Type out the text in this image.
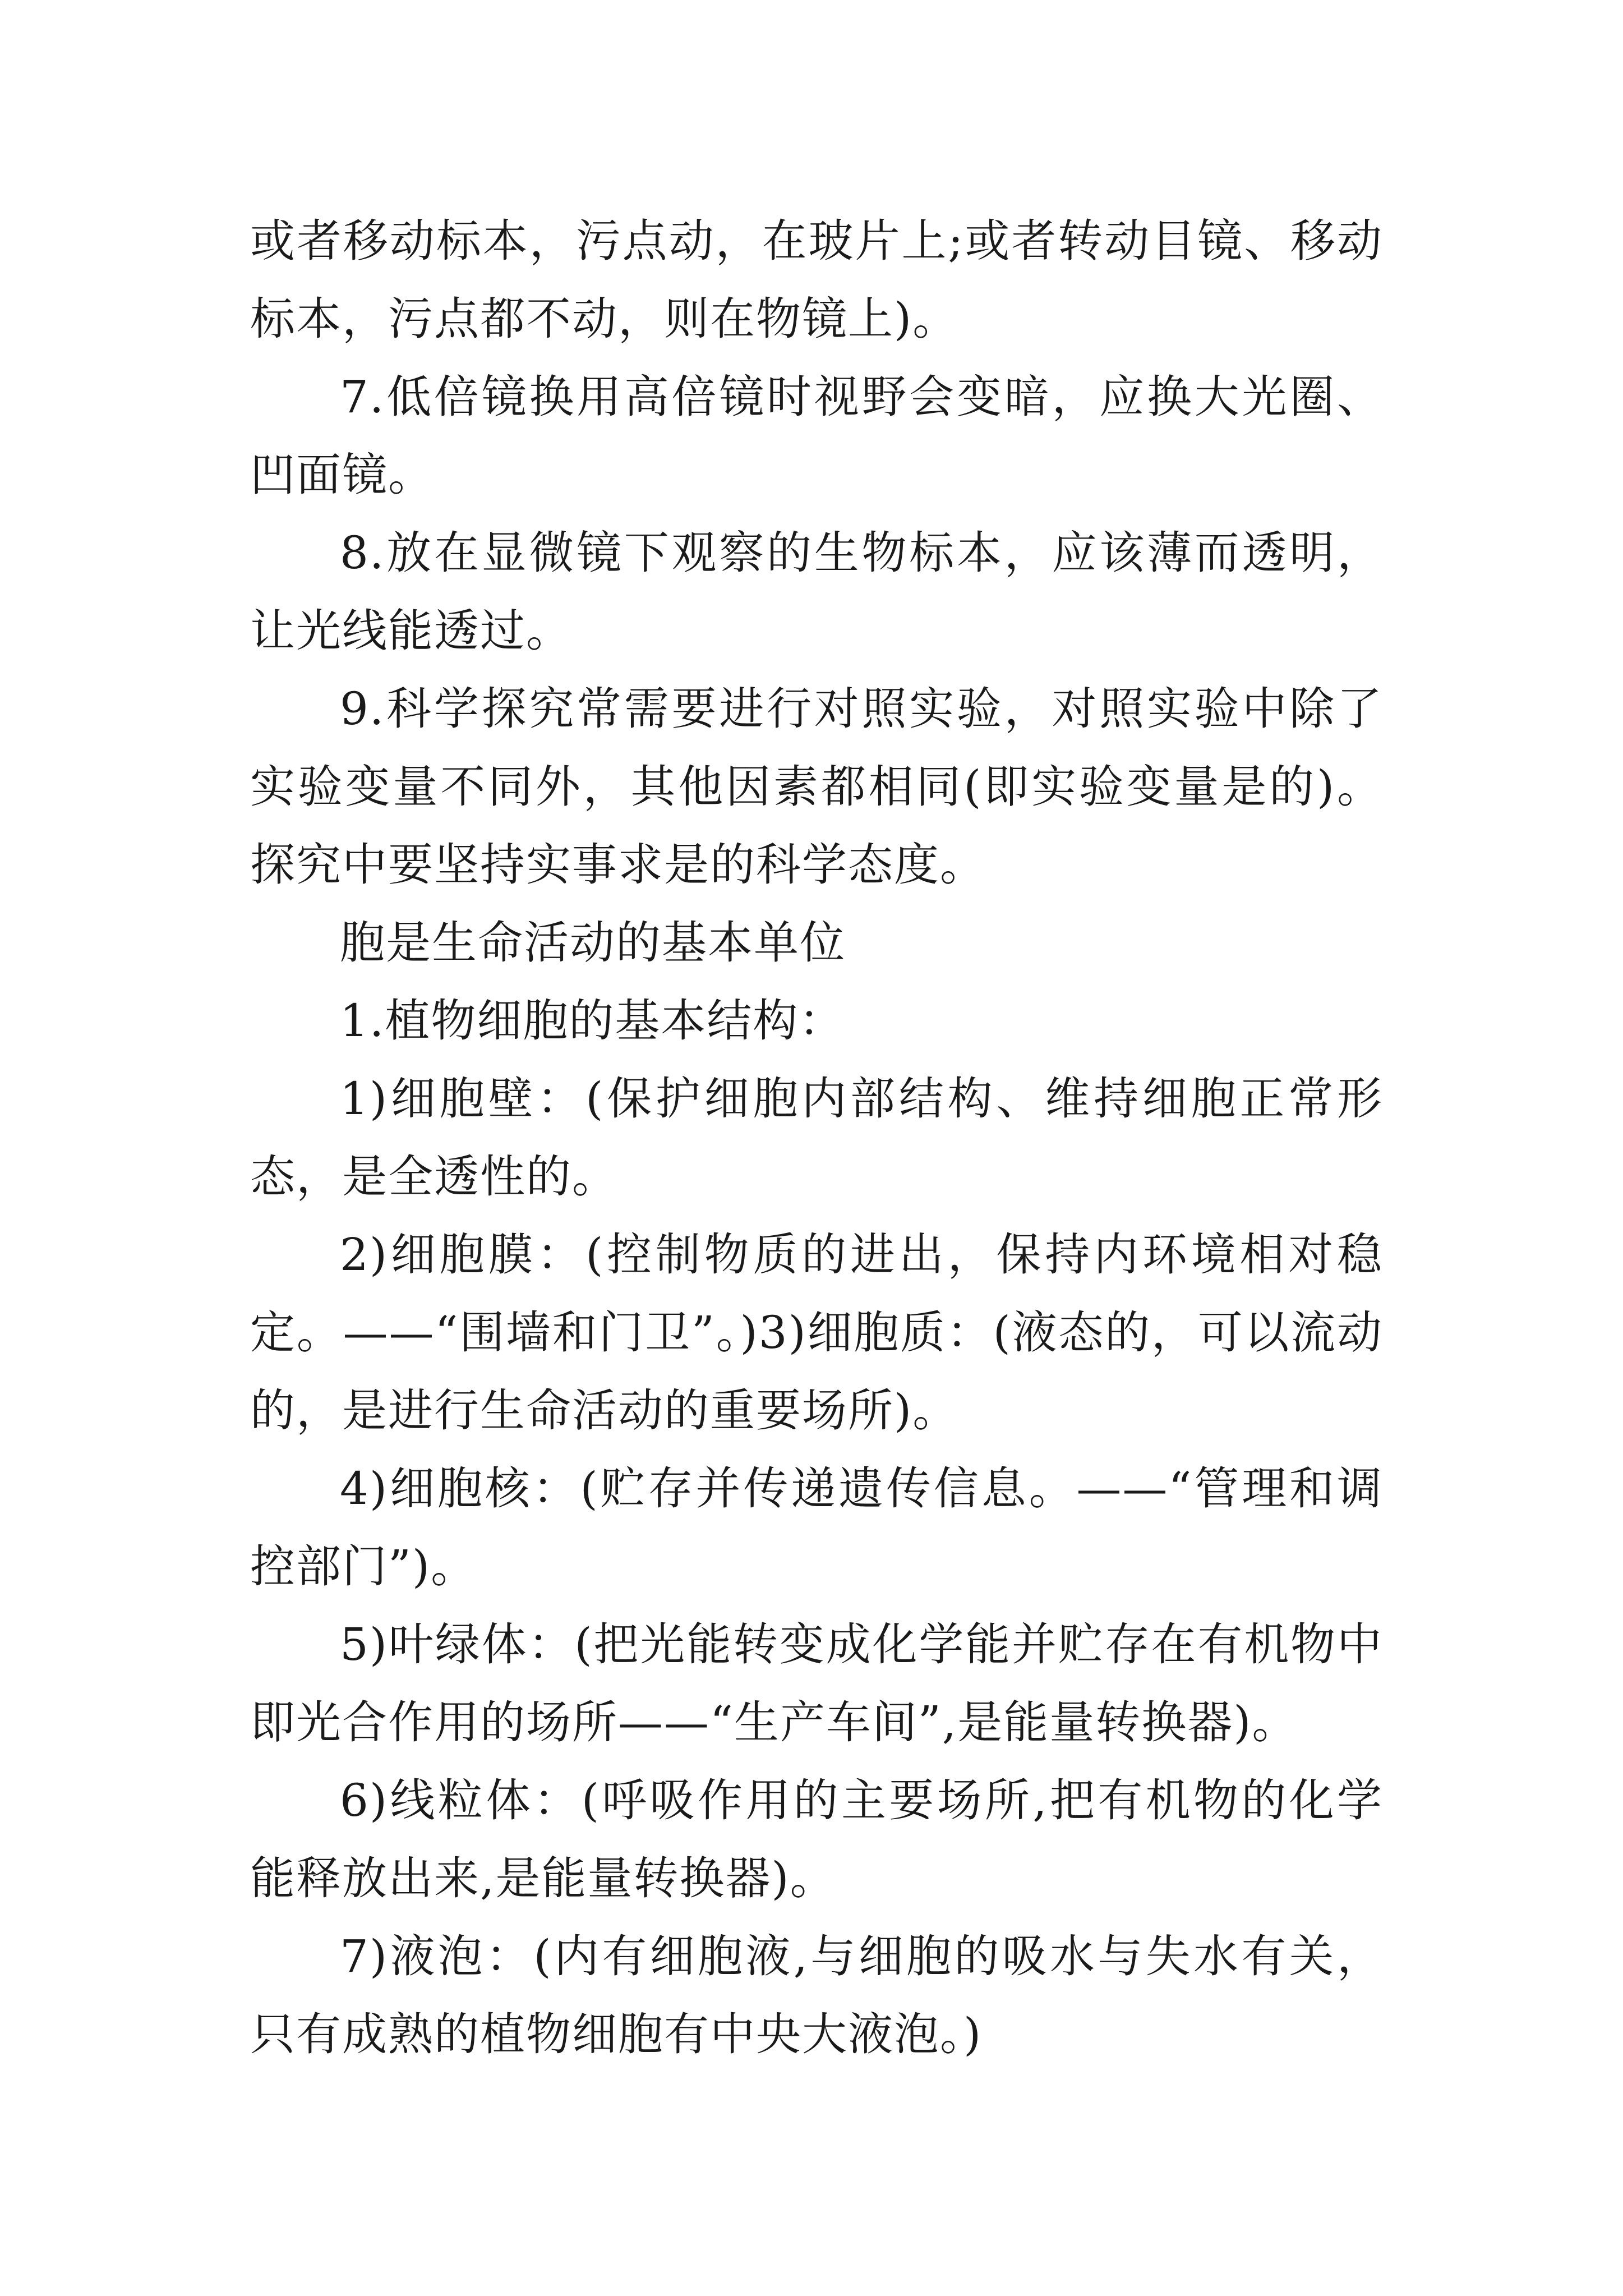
或者移动标本，污点动，在玻片上;或者转动目镜、移动标本，污点都不动，则在物镜上)。

7.低倍镜换用高倍镜时视野会变暗，应换大光圈、凹面镜。

8.放在显微镜下观察的生物标本，应该薄而透明，让光线能透过。

9.科学探究常需要进行对照实验，对照实验中除了实验变量不同外，其他因素都相同(即实验变量是的)。探究中要坚持实事求是的科学态度。

胞是生命活动的基本单位

1.植物细胞的基本结构：

1)细胞壁：(保护细胞内部结构、维持细胞正常形态，是全透性的。

2)细胞膜：(控制物质的进出，保持内环境相对稳定。——“围墙和门卫”。)3)细胞质：(液态的，可以流动的，是进行生命活动的重要场所)。

4)细胞核：(贮存并传递遗传信息。——“管理和调控部门”)。

5)叶绿体：(把光能转变成化学能并贮存在有机物中即光合作用的场所——“生产车间”,是能量转换器)。

6)线粒体：(呼吸作用的主要场所,把有机物的化学能释放出来,是能量转换器)。

7)液泡：(内有细胞液,与细胞的吸水与失水有关，只有成熟的植物细胞有中央大液泡。)
